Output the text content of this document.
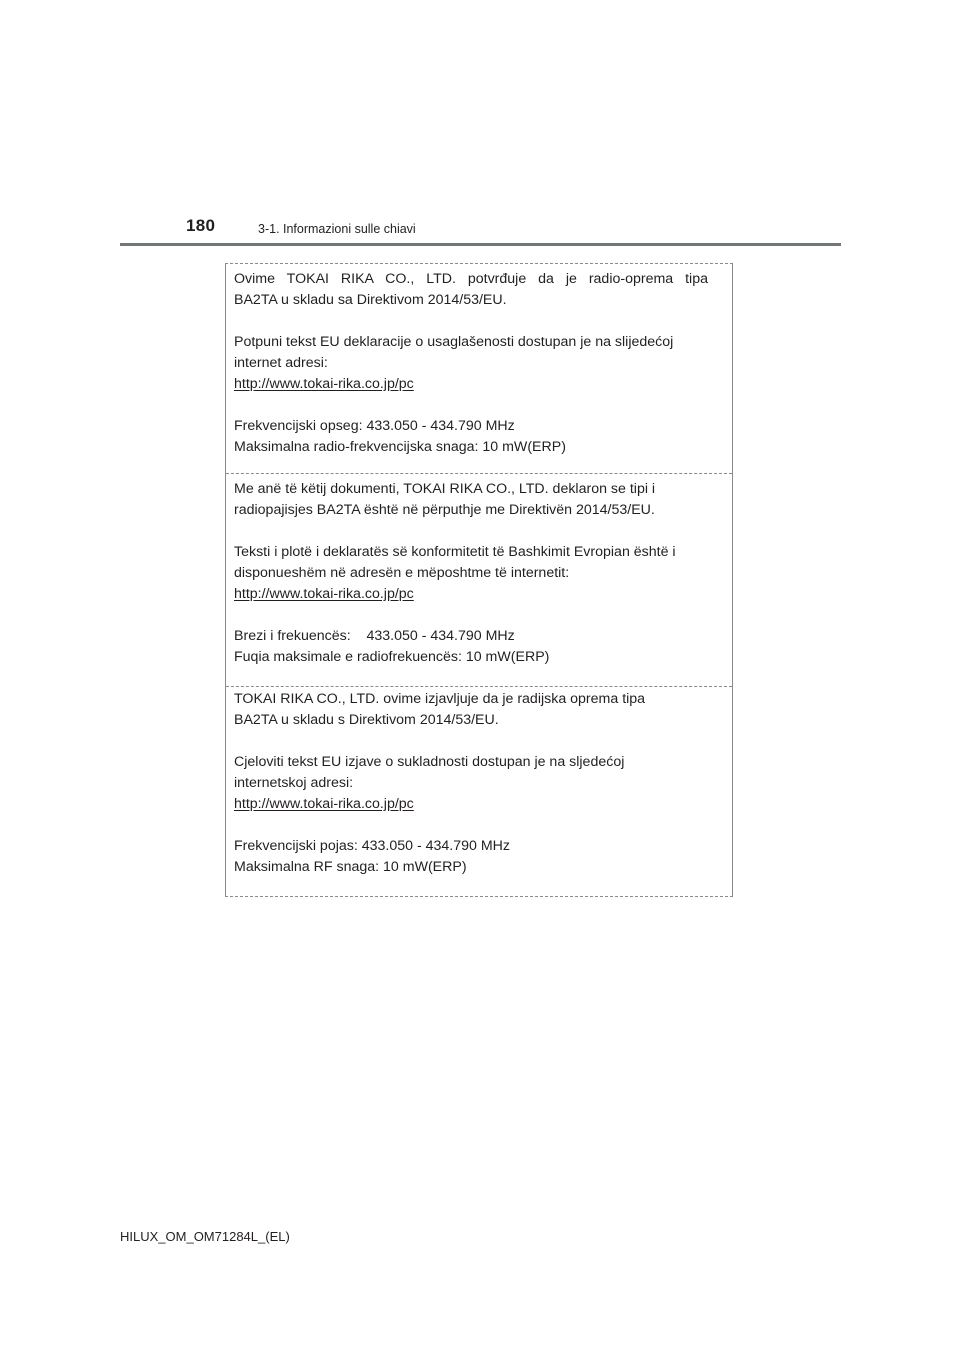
180	3-1. Informazioni sulle chiavi

Ovime TOKAI RIKA CO., LTD. potvrđuje da je radio-oprema tipa
BA2TA u skladu sa Direktivom 2014/53/EU.

Potpuni tekst EU deklaracije o usaglašenosti dostupan je na slijedećoj
internet adresi:
http://www.tokai-rika.co.jp/pc

Frekvencijski opseg: 433.050 - 434.790 MHz
Maksimalna radio-frekvencijska snaga: 10 mW(ERP)

Me anë të këtij dokumenti, TOKAI RIKA CO., LTD. deklaron se tipi i
radiopajisjes BA2TA është në përputhje me Direktivën 2014/53/EU.

Teksti i plotë i deklaratës së konformitetit të Bashkimit Evropian është i
disponueshëm në adresën e mëposhtme të internetit:
http://www.tokai-rika.co.jp/pc

Brezi i frekuencës:    433.050 - 434.790 MHz
Fuqia maksimale e radiofrekuencës: 10 mW(ERP)

TOKAI RIKA CO., LTD. ovime izjavljuje da je radijska oprema tipa
BA2TA u skladu s Direktivom 2014/53/EU.

Cjeloviti tekst EU izjave o sukladnosti dostupan je na sljedećoj
internetskoj adresi:
http://www.tokai-rika.co.jp/pc

Frekvencijski pojas: 433.050 - 434.790 MHz
Maksimalna RF snaga: 10 mW(ERP)

HILUX_OM_OM71284L_(EL)
